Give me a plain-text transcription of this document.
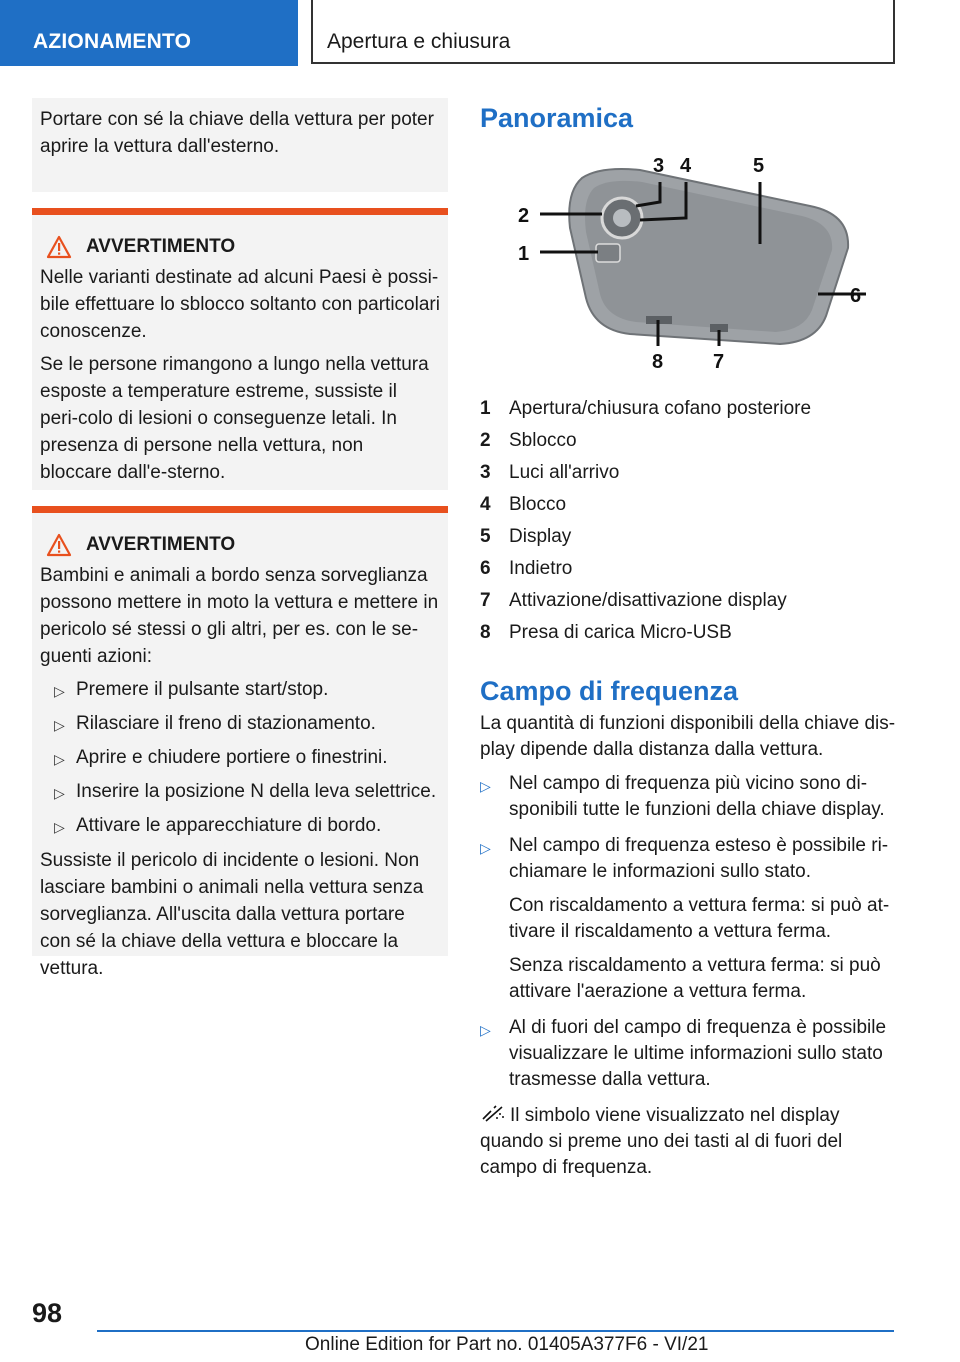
AZIONAMENTO	Apertura e chiusura
Portare con sé la chiave della vettura per poter aprire la vettura dall'esterno.
AVVERTIMENTO

Nelle varianti destinate ad alcuni Paesi è possi-bile effettuare lo sblocco soltanto con particolari conoscenze.

Se le persone rimangono a lungo nella vettura esposte a temperature estreme, sussiste il peri-colo di lesioni o conseguenze letali. In presenza di persone nella vettura, non bloccare dall'e-sterno.

AVVERTIMENTO

Bambini e animali a bordo senza sorveglianza possono mettere in moto la vettura e mettere in pericolo sé stessi o gli altri, per es. con le se-guenti azioni:

▷ Premere il pulsante start/stop.
▷ Rilasciare il freno di stazionamento.
▷ Aprire e chiudere portiere o finestrini.
▷ Inserire la posizione N della leva selettrice.
▷ Attivare le apparecchiature di bordo.

Sussiste il pericolo di incidente o lesioni. Non lasciare bambini o animali nella vettura senza sorveglianza. All'uscita dalla vettura portare con sé la chiave della vettura e bloccare la vettura.

Panoramica
1
2
3 4	5
6
7
8
1 Apertura/chiusura cofano posteriore
2 Sblocco
3 Luci all'arrivo
4 Blocco
5 Display
6 Indietro
7 Attivazione/disattivazione display
8 Presa di carica Micro-USB
Campo di frequenza

La quantità di funzioni disponibili della chiave dis-play dipende dalla distanza dalla vettura.

▷ Nel campo di frequenza più vicino sono di-sponibili tutte le funzioni della chiave display.
▷ Nel campo di frequenza esteso è possibile ri-chiamare le informazioni sullo stato.

Con riscaldamento a vettura ferma: si può at-tivare il riscaldamento a vettura ferma.

Senza riscaldamento a vettura ferma: si può attivare l'aerazione a vettura ferma.

▷ Al di fuori del campo di frequenza è possibile visualizzare le ultime informazioni sullo stato trasmesse dalla vettura.

Il simbolo viene visualizzato nel display quando si preme uno dei tasti al di fuori del campo di frequenza.

98
Online Edition for Part no. 01405A377F6 - VI/21
